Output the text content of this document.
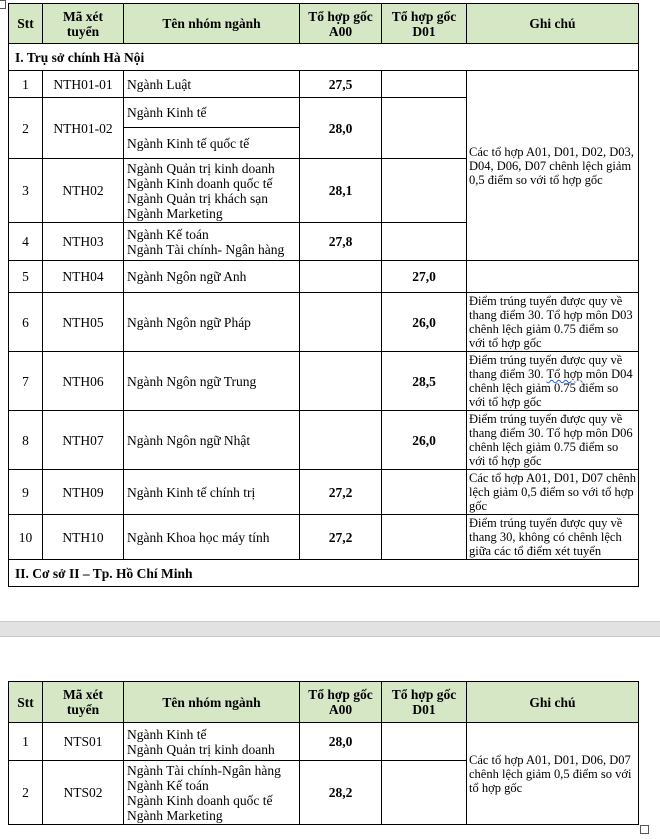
Stt	Mã xét tuyển	Tên nhóm ngành	Tổ hợp gốc A00	Tổ hợp gốc D01	Ghi chú
I. Trụ sở chính Hà Nội					
1	NTH01-01	Ngành Luật	27,5		Các tổ hợp A01, D01, D02, D03, D04, D06, D07 chênh lệch giảm 0,5 điểm so với tổ hợp gốc
2	NTH01-02	Ngành Kinh tế
Ngành Kinh tế quốc tế	28,0		
3	NTH02	Ngành Quản trị kinh doanh
Ngành Kinh doanh quốc tế
Ngành Quản trị khách sạn
Ngành Marketing	28,1		
4	NTH03	Ngành Kế toán
Ngành Tài chính- Ngân hàng	27,8		
5	NTH04	Ngành Ngôn ngữ Anh		27,0	
6	NTH05	Ngành Ngôn ngữ Pháp		26,0	Điểm trúng tuyển được quy về thang điểm 30. Tổ hợp môn D03 chênh lệch giảm 0.75 điểm so với tổ hợp gốc
7	NTH06	Ngành Ngôn ngữ Trung		28,5	Điểm trúng tuyển được quy về thang điểm 30. Tổ hợp môn D04 chênh lệch giảm 0.75 điểm so với tổ hợp gốc
8	NTH07	Ngành Ngôn ngữ Nhật		26,0	Điểm trúng tuyển được quy về thang điểm 30. Tổ hợp môn D06 chênh lệch giảm 0.75 điểm so với tổ hợp gốc
9	NTH09	Ngành Kinh tế chính trị	27,2		Các tổ hợp A01, D01, D07 chênh lệch giảm 0,5 điểm so với tổ hợp gốc
10	NTH10	Ngành Khoa học máy tính	27,2		Điểm trúng tuyển được quy về thang 30, không có chênh lệch giữa các tổ điểm xét tuyển
II. Cơ sở II – Tp. Hồ Chí Minh					
Stt	Mã xét tuyển	Tên nhóm ngành	Tổ hợp gốc A00	Tổ hợp gốc D01	Ghi chú
1	NTS01	Ngành Kinh tế
Ngành Quản trị kinh doanh	28,0		Các tổ hợp A01, D01, D06, D07 chênh lệch giảm 0,5 điểm so với tổ hợp gốc
2	NTS02	Ngành Tài chính-Ngân hàng
Ngành Kế toán
Ngành Kinh doanh quốc tế
Ngành Marketing	28,2		
